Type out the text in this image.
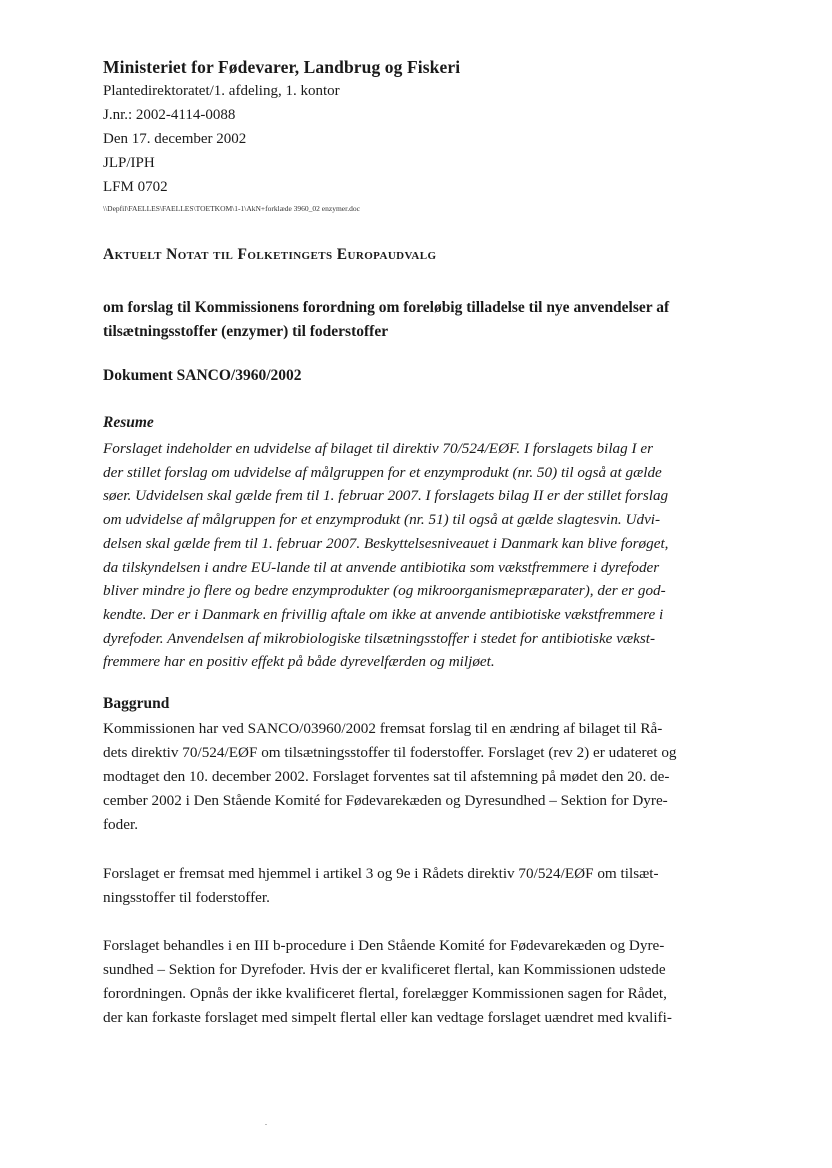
Ministeriet for Fødevarer, Landbrug og Fiskeri
Plantedirektoratet/1. afdeling, 1. kontor
J.nr.: 2002-4114-0088
Den 17. december 2002
JLP/IPH
LFM 0702
\\Depfil\FAELLES\FAELLES\TOETKOM\1-1\AkN+forklæde 3960_02 enzymer.doc
Aktuelt Notat til Folketingets Europaudvalg
om forslag til Kommissionens forordning om foreløbig tilladelse til nye anvendelser af
tilsætningsstoffer (enzymer) til foderstoffer
Dokument SANCO/3960/2002
Resume
Forslaget indeholder en udvidelse af bilaget til direktiv 70/524/EØF. I forslagets bilag I er
der stillet forslag om udvidelse af målgruppen for et enzymprodukt (nr. 50) til også at gælde
søer. Udvidelsen skal gælde frem til 1. februar 2007. I forslagets bilag II er der stillet forslag
om udvidelse af målgruppen for et enzymprodukt (nr. 51) til også at gælde slagtesvin. Udvi-
delsen skal gælde frem til 1. februar 2007. Beskyttelsesniveauet i Danmark kan blive forøget,
da tilskyndelsen i andre EU-lande til at anvende antibiotika som vækstfremmere i dyrefoder
bliver mindre jo flere og bedre enzymprodukter (og mikroorganismepræparater), der er god-
kendte. Der er i Danmark en frivillig aftale om ikke at anvende antibiotiske vækstfremmere i
dyrefoder. Anvendelsen af mikrobiologiske tilsætningsstoffer i stedet for antibiotiske vækst-
fremmere har en positiv effekt på både dyrevelfærden og miljøet.
Baggrund
Kommissionen har ved SANCO/03960/2002 fremsat forslag til en ændring af bilaget til Rå-
dets direktiv 70/524/EØF om tilsætningsstoffer til foderstoffer. Forslaget (rev 2) er udateret og
modtaget den 10. december 2002. Forslaget forventes sat til afstemning på mødet den 20. de-
cember 2002 i Den Stående Komité for Fødevarekæden og Dyresundhed – Sektion for Dyre-
foder.
Forslaget er fremsat med hjemmel i artikel 3 og 9e i Rådets direktiv 70/524/EØF om tilsæt-
ningsstoffer til foderstoffer.
Forslaget behandles i en III b-procedure i Den Stående Komité for Fødevarekæden og Dyre-
sundhed – Sektion for Dyrefoder. Hvis der er kvalificeret flertal, kan Kommissionen udstede
forordningen. Opnås der ikke kvalificeret flertal, forelægger Kommissionen sagen for Rådet,
der kan forkaste forslaget med simpelt flertal eller kan vedtage forslaget uændret med kvalifi-
